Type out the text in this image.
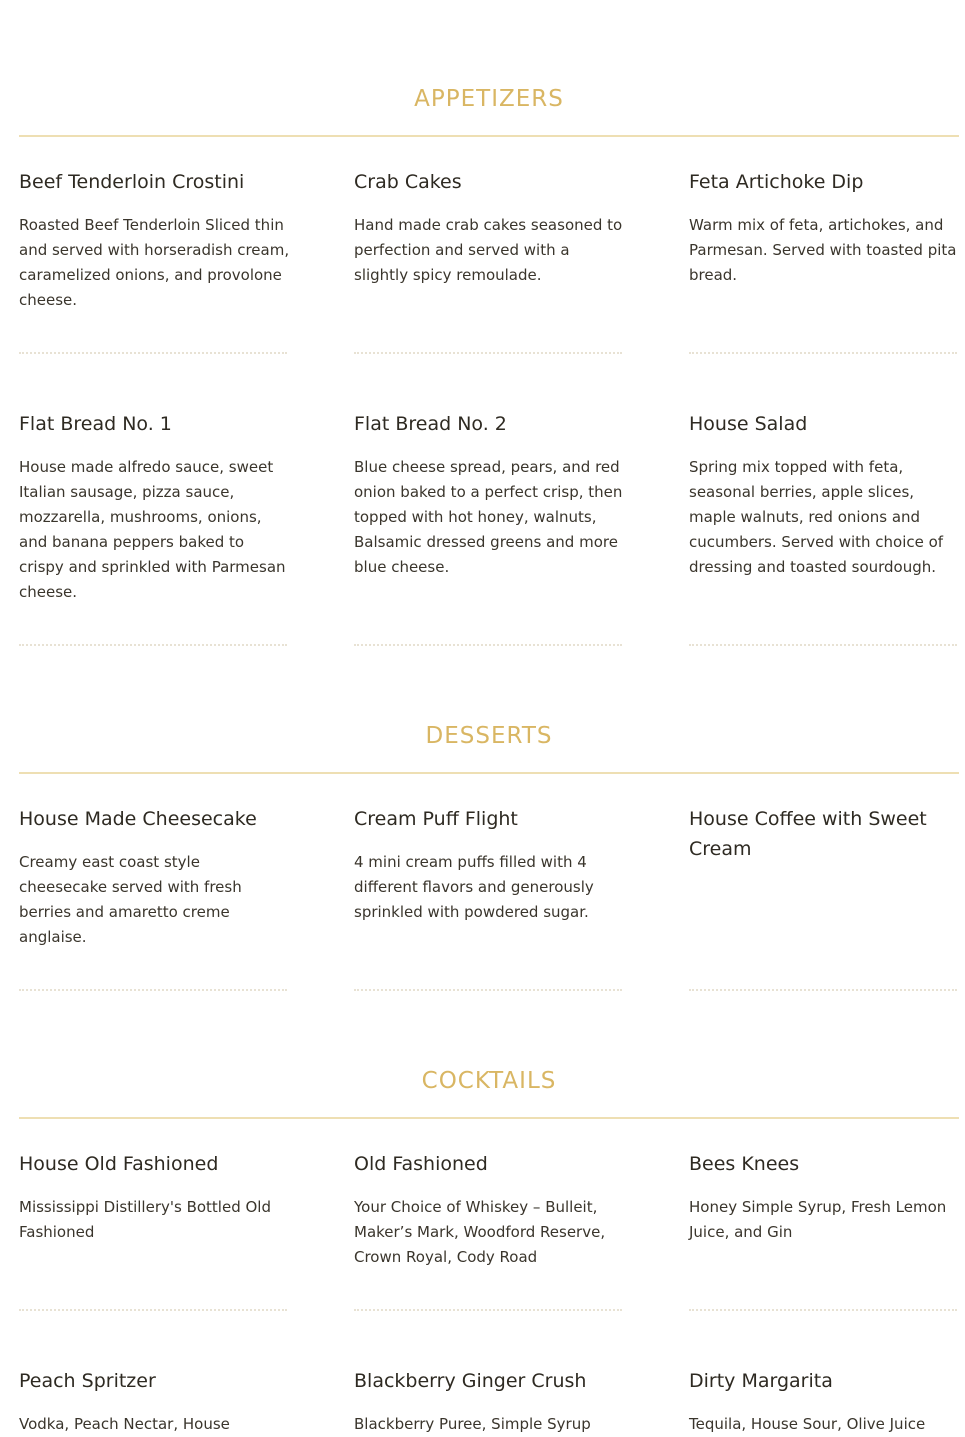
APPETIZERS
Beef Tenderloin Crostini

Roasted Beef Tenderloin Sliced thin and served with horseradish cream, caramelized onions, and provolone cheese.

Crab Cakes

Hand made crab cakes seasoned to perfection and served with a slightly spicy remoulade.

Feta Artichoke Dip

Warm mix of feta, artichokes, and Parmesan. Served with toasted pita bread.

Flat Bread No. 1

House made alfredo sauce, sweet Italian sausage, pizza sauce, mozzarella, mushrooms, onions, and banana peppers baked to crispy and sprinkled with Parmesan cheese.

Flat Bread No. 2

Blue cheese spread, pears, and red onion baked to a perfect crisp, then topped with hot honey, walnuts, Balsamic dressed greens and more blue cheese.

House Salad

Spring mix topped with feta, seasonal berries, apple slices, maple walnuts, red onions and cucumbers. Served with choice of dressing and toasted sourdough.

DESSERTS
House Made Cheesecake

Creamy east coast style cheesecake served with fresh berries and amaretto creme anglaise.

Cream Puff Flight

4 mini cream puffs filled with 4 different flavors and generously sprinkled with powdered sugar.

House Coffee with Sweet Cream
COCKTAILS
House Old Fashioned

Mississippi Distillery's Bottled Old Fashioned

Old Fashioned

Your Choice of Whiskey – Bulleit, Maker’s Mark, Woodford Reserve, Crown Royal, Cody Road

Bees Knees

Honey Simple Syrup, Fresh Lemon Juice, and Gin

Peach Spritzer

Vodka, Peach Nectar, House

Blackberry Ginger Crush

Blackberry Puree, Simple Syrup

Dirty Margarita

Tequila, House Sour, Olive Juice
